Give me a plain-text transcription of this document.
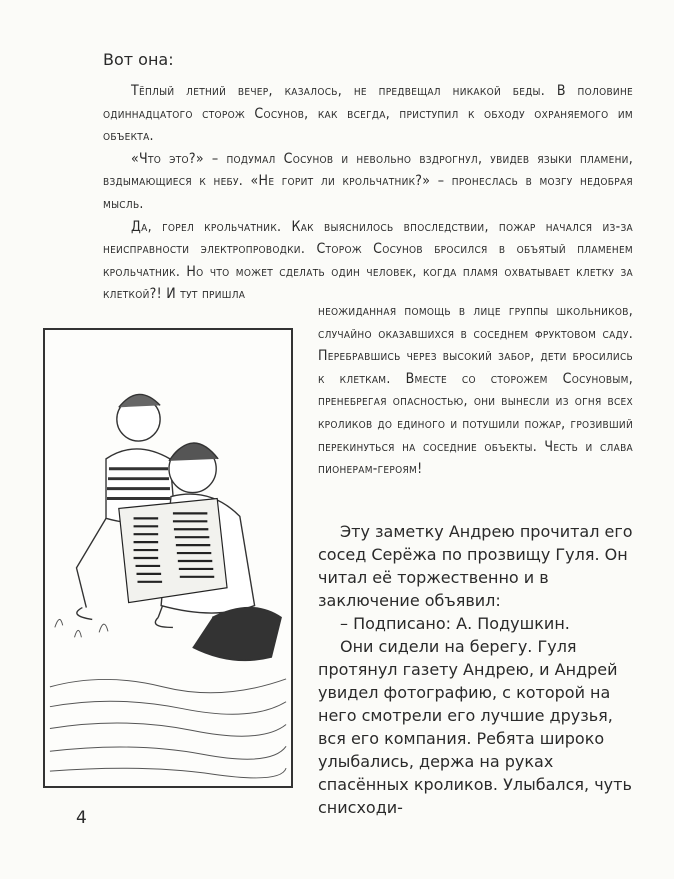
Вот она:

Тёплый летний вечер, казалось, не предвещал никакой беды. В половине одиннадцатого сторож Сосунов, как всегда, приступил к обходу охраняемого им объекта.

«Что это?» – подумал Сосунов и невольно вздрогнул, увидев языки пламени, вздымающиеся к небу. «Не горит ли крольчатник?» – пронеслась в мозгу недобрая мысль.

Да, горел крольчатник. Как выяснилось впоследствии, пожар начался из-за неисправности электропроводки. Сторож Сосунов бросился в объятый пламенем крольчатник. Но что может сделать один человек, когда пламя охватывает клетку за клеткой?! И тут пришла

неожиданная помощь в лице группы школьников, случайно оказавшихся в соседнем фруктовом саду. Перебравшись через высокий забор, дети бросились к клеткам. Вместе со сторожем Сосуновым, пренебрегая опасностью, они вынесли из огня всех кроликов до единого и потушили пожар, грозивший перекинуться на соседние объекты. Честь и слава пионерам-героям!

Эту заметку Андрею прочитал его сосед Серёжа по прозвищу Гуля. Он читал её торжественно и в заключение объявил:

– Подписано: А. Подушкин.

Они сидели на берегу. Гуля протянул газету Андрею, и Андрей увидел фотографию, с которой на него смотрели его лучшие друзья, вся его компания. Ребята широко улыбались, держа на руках спасённых кроликов. Улыбался, чуть снисходи-

4
